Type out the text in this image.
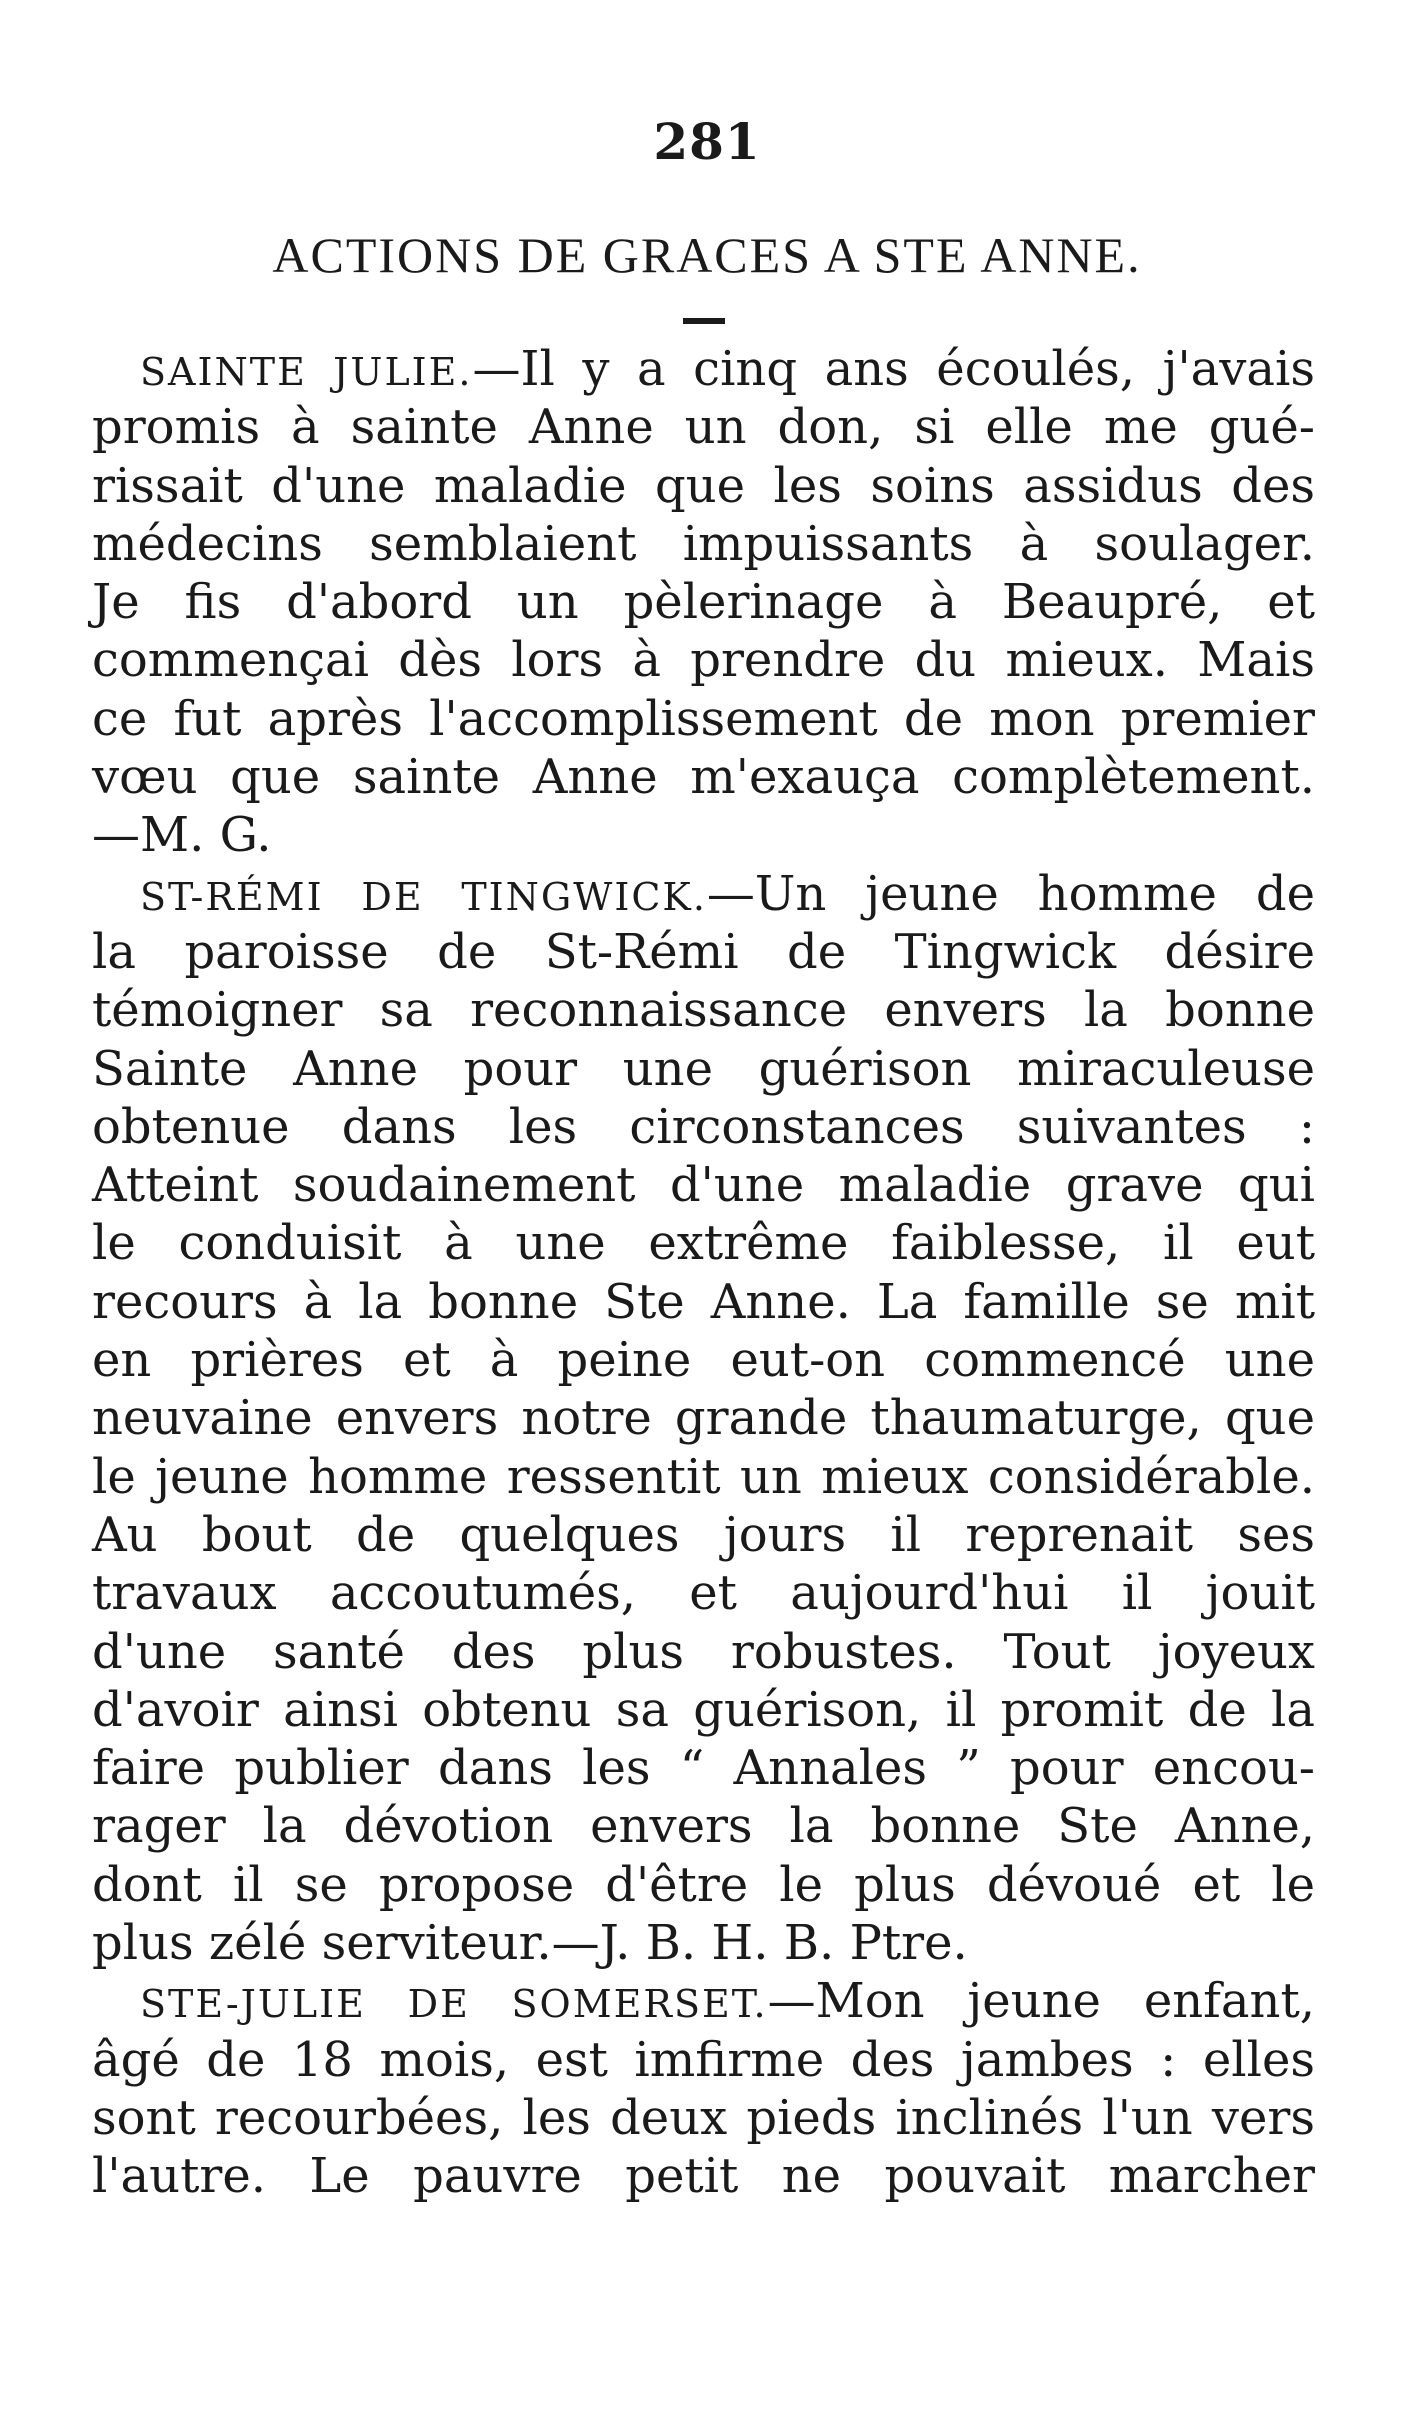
281
ACTIONS DE GRACES A STE ANNE.
SAINTE JULIE.—Il y a cinq ans écoulés, j'avais
promis à sainte Anne un don, si elle me gué-
rissait d'une maladie que les soins assidus des
médecins semblaient impuissants à soulager.
Je fis d'abord un pèlerinage à Beaupré, et
commençai dès lors à prendre du mieux. Mais
ce fut après l'accomplissement de mon premier
vœu que sainte Anne m'exauça complètement.
—M. G.
ST-RÉMI DE TINGWICK.—Un jeune homme de
la paroisse de St-Rémi de Tingwick désire
témoigner sa reconnaissance envers la bonne
Sainte Anne pour une guérison miraculeuse
obtenue dans les circonstances suivantes :
Atteint soudainement d'une maladie grave qui
le conduisit à une extrême faiblesse, il eut
recours à la bonne Ste Anne. La famille se mit
en prières et à peine eut-on commencé une
neuvaine envers notre grande thaumaturge, que
le jeune homme ressentit un mieux considérable.
Au bout de quelques jours il reprenait ses
travaux accoutumés, et aujourd'hui il jouit
d'une santé des plus robustes. Tout joyeux
d'avoir ainsi obtenu sa guérison, il promit de la
faire publier dans les “ Annales ” pour encou-
rager la dévotion envers la bonne Ste Anne,
dont il se propose d'être le plus dévoué et le
plus zélé serviteur.—J. B. H. B. Ptre.
STE-JULIE DE SOMERSET.—Mon jeune enfant,
âgé de 18 mois, est imfirme des jambes : elles
sont recourbées, les deux pieds inclinés l'un vers
l'autre. Le pauvre petit ne pouvait marcher
